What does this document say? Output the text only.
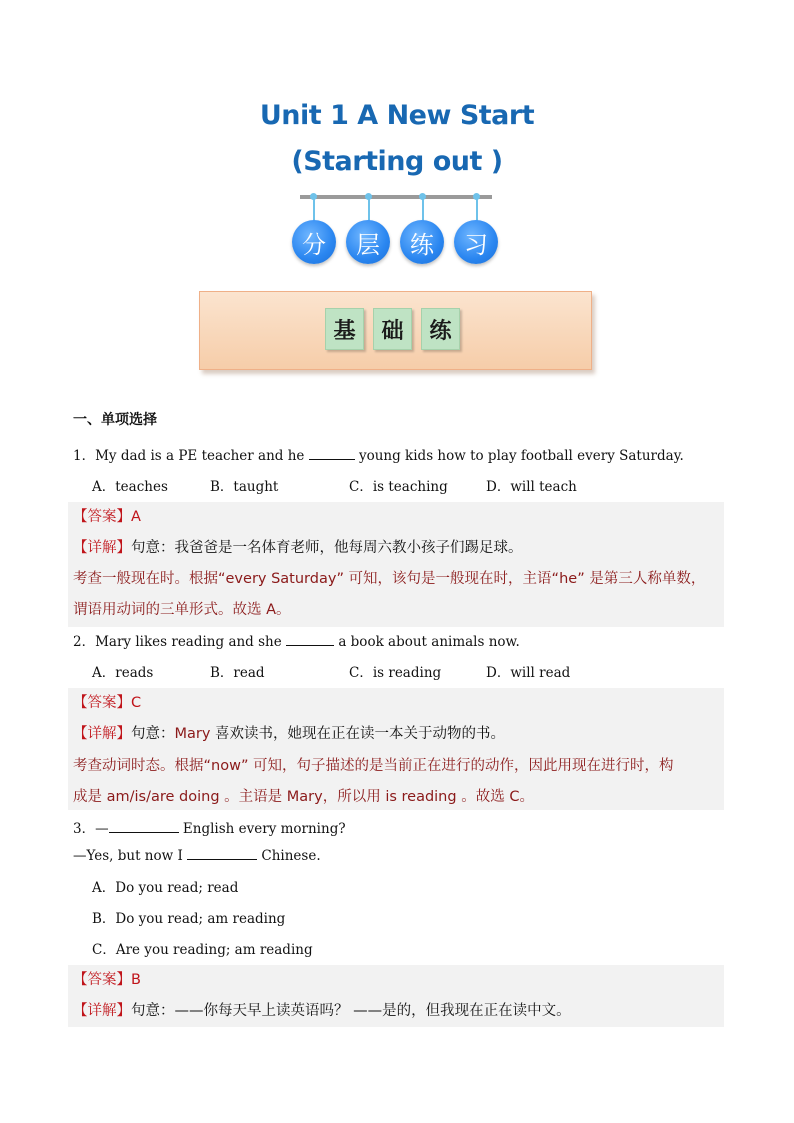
Unit 1 A New Start
(Starting out )
分	层	练	习
基	础	练
一、单项选择
1．My dad is a PE teacher and he	young kids how to play football every Saturday.
A．teaches	B．taught	C．is teaching	D．will teach
【答案】A
【详解】句意：我爸爸是一名体育老师，他每周六教小孩子们踢足球。
考查一般现在时。根据“every Saturday” 可知，该句是一般现在时，主语“he” 是第三人称单数，
谓语用动词的三单形式。故选 A。
2．Mary likes reading and she	a book about animals now.
A．reads	B．read	C．is reading	D．will read
【答案】C
【详解】句意：Mary 喜欢读书，她现在正在读一本关于动物的书。
考查动词时态。根据“now” 可知，句子描述的是当前正在进行的动作，因此用现在进行时，构
成是 am/is/are doing 。主语是 Mary，所以用 is reading 。故选 C。
3．—	English every morning?
—Yes, but now I	Chinese.
A．Do you read; read
B．Do you read; am reading
C．Are you reading; am reading
【答案】B
【详解】句意：——你每天早上读英语吗？ ——是的，但我现在正在读中文。
